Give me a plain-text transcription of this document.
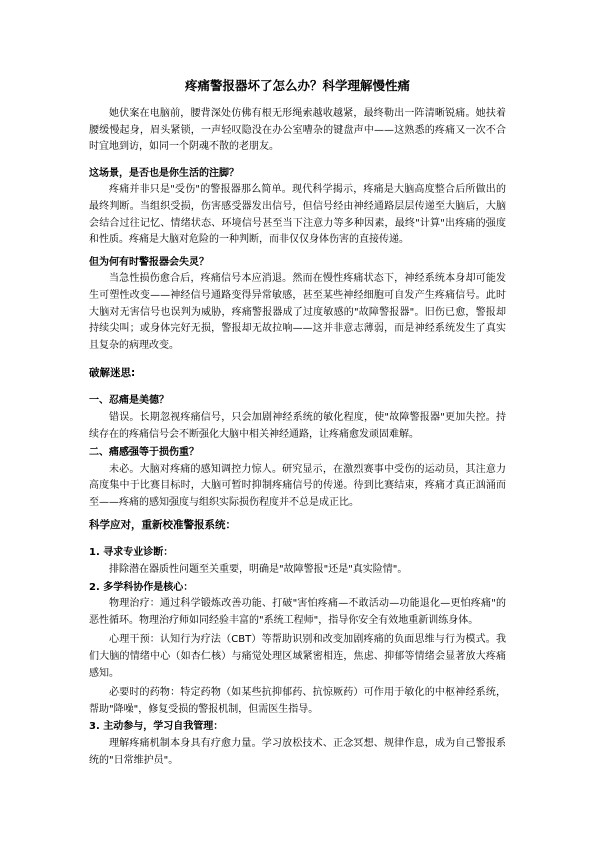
疼痛警报器坏了怎么办？科学理解慢性痛

她伏案在电脑前，腰背深处仿佛有根无形绳索越收越紧，最终勒出一阵清晰锐痛。她扶着腰缓慢起身，眉头紧锁，一声轻叹隐没在办公室嘈杂的键盘声中——这熟悉的疼痛又一次不合时宜地到访，如同一个阴魂不散的老朋友。

这场景，是否也是你生活的注脚？

疼痛并非只是"受伤"的警报器那么简单。现代科学揭示，疼痛是大脑高度整合后所做出的最终判断。当组织受损，伤害感受器发出信号，但信号经由神经通路层层传递至大脑后，大脑会结合过往记忆、情绪状态、环境信号甚至当下注意力等多种因素，最终"计算"出疼痛的强度和性质。疼痛是大脑对危险的一种判断，而非仅仅身体伤害的直接传递。

但为何有时警报器会失灵？

当急性损伤愈合后，疼痛信号本应消退。然而在慢性疼痛状态下，神经系统本身却可能发生可塑性改变——神经信号通路变得异常敏感，甚至某些神经细胞可自发产生疼痛信号。此时大脑对无害信号也误判为威胁，疼痛警报器成了过度敏感的"故障警报器"。旧伤已愈，警报却持续尖叫；或身体完好无损，警报却无故拉响——这并非意志薄弱，而是神经系统发生了真实且复杂的病理改变。

破解迷思:
一、忍痛是美德？

错误。长期忽视疼痛信号，只会加剧神经系统的敏化程度，使"故障警报器"更加失控。持续存在的疼痛信号会不断强化大脑中相关神经通路，让疼痛愈发顽固难解。

二、痛感强等于损伤重？

未必。大脑对疼痛的感知调控力惊人。研究显示，在激烈赛事中受伤的运动员，其注意力高度集中于比赛目标时，大脑可暂时抑制疼痛信号的传递。待到比赛结束，疼痛才真正汹涌而至——疼痛的感知强度与组织实际损伤程度并不总是成正比。

科学应对，重新校准警报系统：
1. 寻求专业诊断：

排除潜在器质性问题至关重要，明确是"故障警报"还是"真实险情"。

2. 多学科协作是核心：

物理治疗：通过科学锻炼改善功能、打破"害怕疼痛—不敢活动—功能退化—更怕疼痛"的恶性循环。物理治疗师如同经验丰富的"系统工程师"，指导你安全有效地重新训练身体。

心理干预：认知行为疗法（CBT）等帮助识别和改变加剧疼痛的负面思维与行为模式。我们大脑的情绪中心（如杏仁核）与痛觉处理区域紧密相连，焦虑、抑郁等情绪会显著放大疼痛感知。

必要时的药物：特定药物（如某些抗抑郁药、抗惊厥药）可作用于敏化的中枢神经系统，帮助"降噪"，修复受损的警报机制，但需医生指导。

3. 主动参与，学习自我管理：

理解疼痛机制本身具有疗愈力量。学习放松技术、正念冥想、规律作息，成为自己警报系统的"日常维护员"。
